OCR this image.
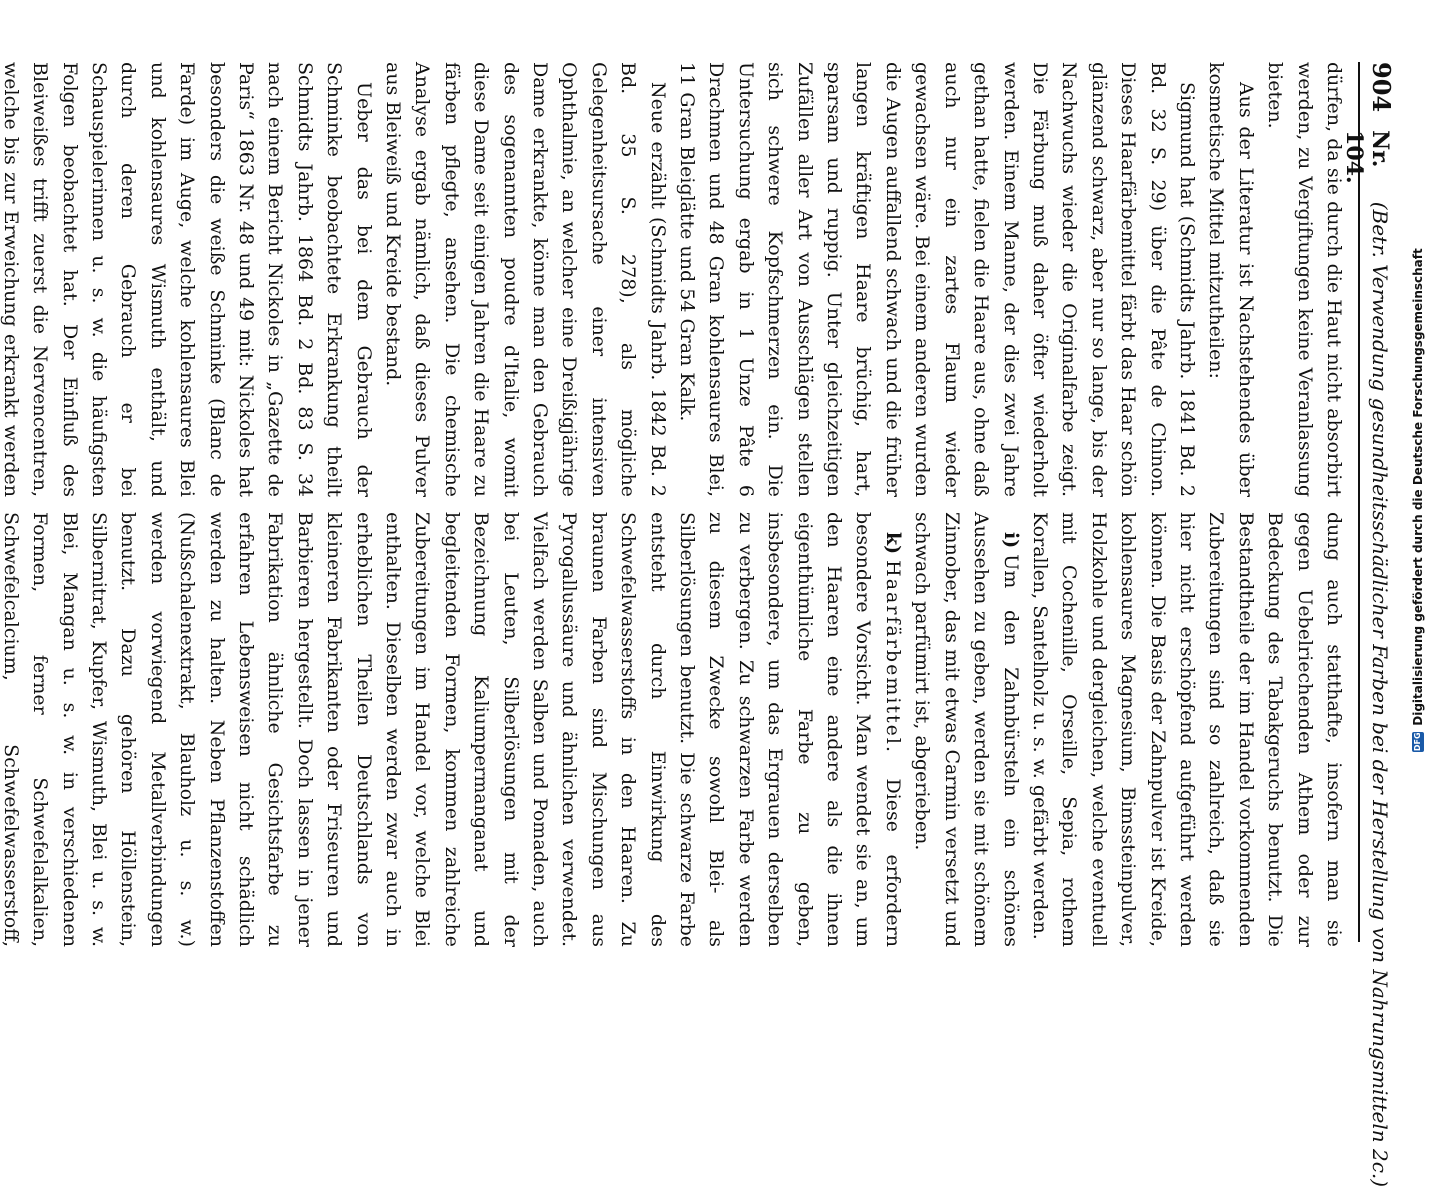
DFG
Digitalisierung gefördert durch die Deutsche Forschungsgemeinschaft
904
Nr. 104.
(Betr. Verwendung gesundheitsschädlicher Farben bei der Herstellung von Nahrungsmitteln 2c.)

dürfen, da sie durch die Haut nicht absorbirt werden, zu Vergiftungen keine Veranlassung bieten.

Aus der Literatur ist Nachstehendes über kosmetische Mittel mitzutheilen:

Sigmund hat (Schmidts Jahrb. 1841 Bd. 2 Bd. 32 S. 29) über die Pâte de Chinon. Dieses Haarfärbemittel färbt das Haar schön glänzend schwarz, aber nur so lange, bis der Nachwuchs wieder die Originalfarbe zeigt. Die Färbung muß daher öfter wiederholt werden. Einem Manne, der dies zwei Jahre gethan hatte, fielen die Haare aus, ohne daß auch nur ein zartes Flaum wieder gewachsen wäre. Bei einem anderen wurden die Augen auffallend schwach und die früher langen kräftigen Haare brüchig, hart, sparsam und ruppig. Unter gleichzeitigen Zufällen aller Art von Ausschlägen stellen sich schwere Kopfschmerzen ein. Die Untersuchung ergab in 1 Unze Pâte 6 Drachmen und 48 Gran kohlensaures Blei, 11 Gran Bleiglätte und 54 Gran Kalk.

Neue erzählt (Schmidts Jahrb. 1842 Bd. 2 Bd. 35 S. 278), als mögliche Gelegenheitsursache einer intensiven Ophthalmie, an welcher eine Dreißigjährige Dame erkrankte, könne man den Gebrauch des sogenannten poudre d'Italie, womit diese Dame seit einigen Jahren die Haare zu färben pflegte, ansehen. Die chemische Analyse ergab nämlich, daß dieses Pulver aus Bleiweiß und Kreide bestand.

Ueber das bei dem Gebrauch der Schminke beobachtete Erkrankung theilt Schmidts Jahrb. 1864 Bd. 2 Bd. 83 S. 34 nach einem Bericht Nickoles in „Gazette de Paris“ 1863 Nr. 48 und 49 mit: Nickoles hat besonders die weiße Schminke (Blanc de Farde) im Auge, welche kohlensaures Blei und kohlensaures Wismuth enthält, und durch deren Gebrauch er bei Schauspielerinnen u. s. w. die häufigsten Folgen beobachtet hat. Der Einfluß des Bleiweißes trifft zuerst die Nervencentren, welche bis zur Erweichung erkrankt werden

dung auch statthafte, insofern man sie gegen Uebelriechenden Athem oder zur Bedeckung des Tabakgeruchs benutzt. Die Bestandtheile der im Handel vorkommenden Zubereitungen sind so zahlreich, daß sie hier nicht erschöpfend aufgeführt werden können. Die Basis der Zahnpulver ist Kreide, kohlensaures Magnesium, Bimssteinpulver, Holzkohle und dergleichen, welche eventuell mit Cochenille, Orseille, Sepia, rothem Korallen, Santelholz u. s. w. gefärbt werden.

i)Um den Zahnbürsteln ein schönes Aussehen zu geben, werden sie mit schönem Zinnober, das mit etwas Carmin versetzt und schwach parfümirt ist, abgerieben.

k)Haarfärbemittel. Diese erfordern besondere Vorsicht. Man wendet sie an, um den Haaren eine andere als die ihnen eigenthümliche Farbe zu geben, insbesondere, um das Ergrauen derselben zu verbergen. Zu schwarzen Farbe werden zu diesem Zwecke sowohl Blei- als Silberlösungen benutzt. Die schwarze Farbe entsteht durch Einwirkung des Schwefelwasserstoffs in den Haaren. Zu braunen Farben sind Mischungen aus Pyrogallussäure und ähnlichen verwendet. Vielfach werden Salben und Pomaden, auch bei Leuten, Silberlösungen mit der Bezeichnung Kaliumpermanganat und begleitenden Formen, kommen zahlreiche Zubereitungen im Handel vor, welche Blei enthalten. Dieselben werden zwar auch in erheblichen Theilen Deutschlands von kleineren Fabrikanten oder Friseuren und Barbieren hergestellt. Doch lassen in jener Fabrikation ähnliche Gesichtsfarbe zu erfahren Lebensweisen nicht schädlich werden zu halten. Neben Pflanzenstoffen (Nußschalenextrakt, Blauholz u. s. w.) werden vorwiegend Metallverbindungen benutzt. Dazu gehören Höllenstein, Silbernitrat, Kupfer, Wismuth, Blei u. s. w. Blei, Mangan u. s. w. in verschiedenen Formen, ferner Schwefelalkalien, Schwefelcalcium, Schwefelwasserstoff,
